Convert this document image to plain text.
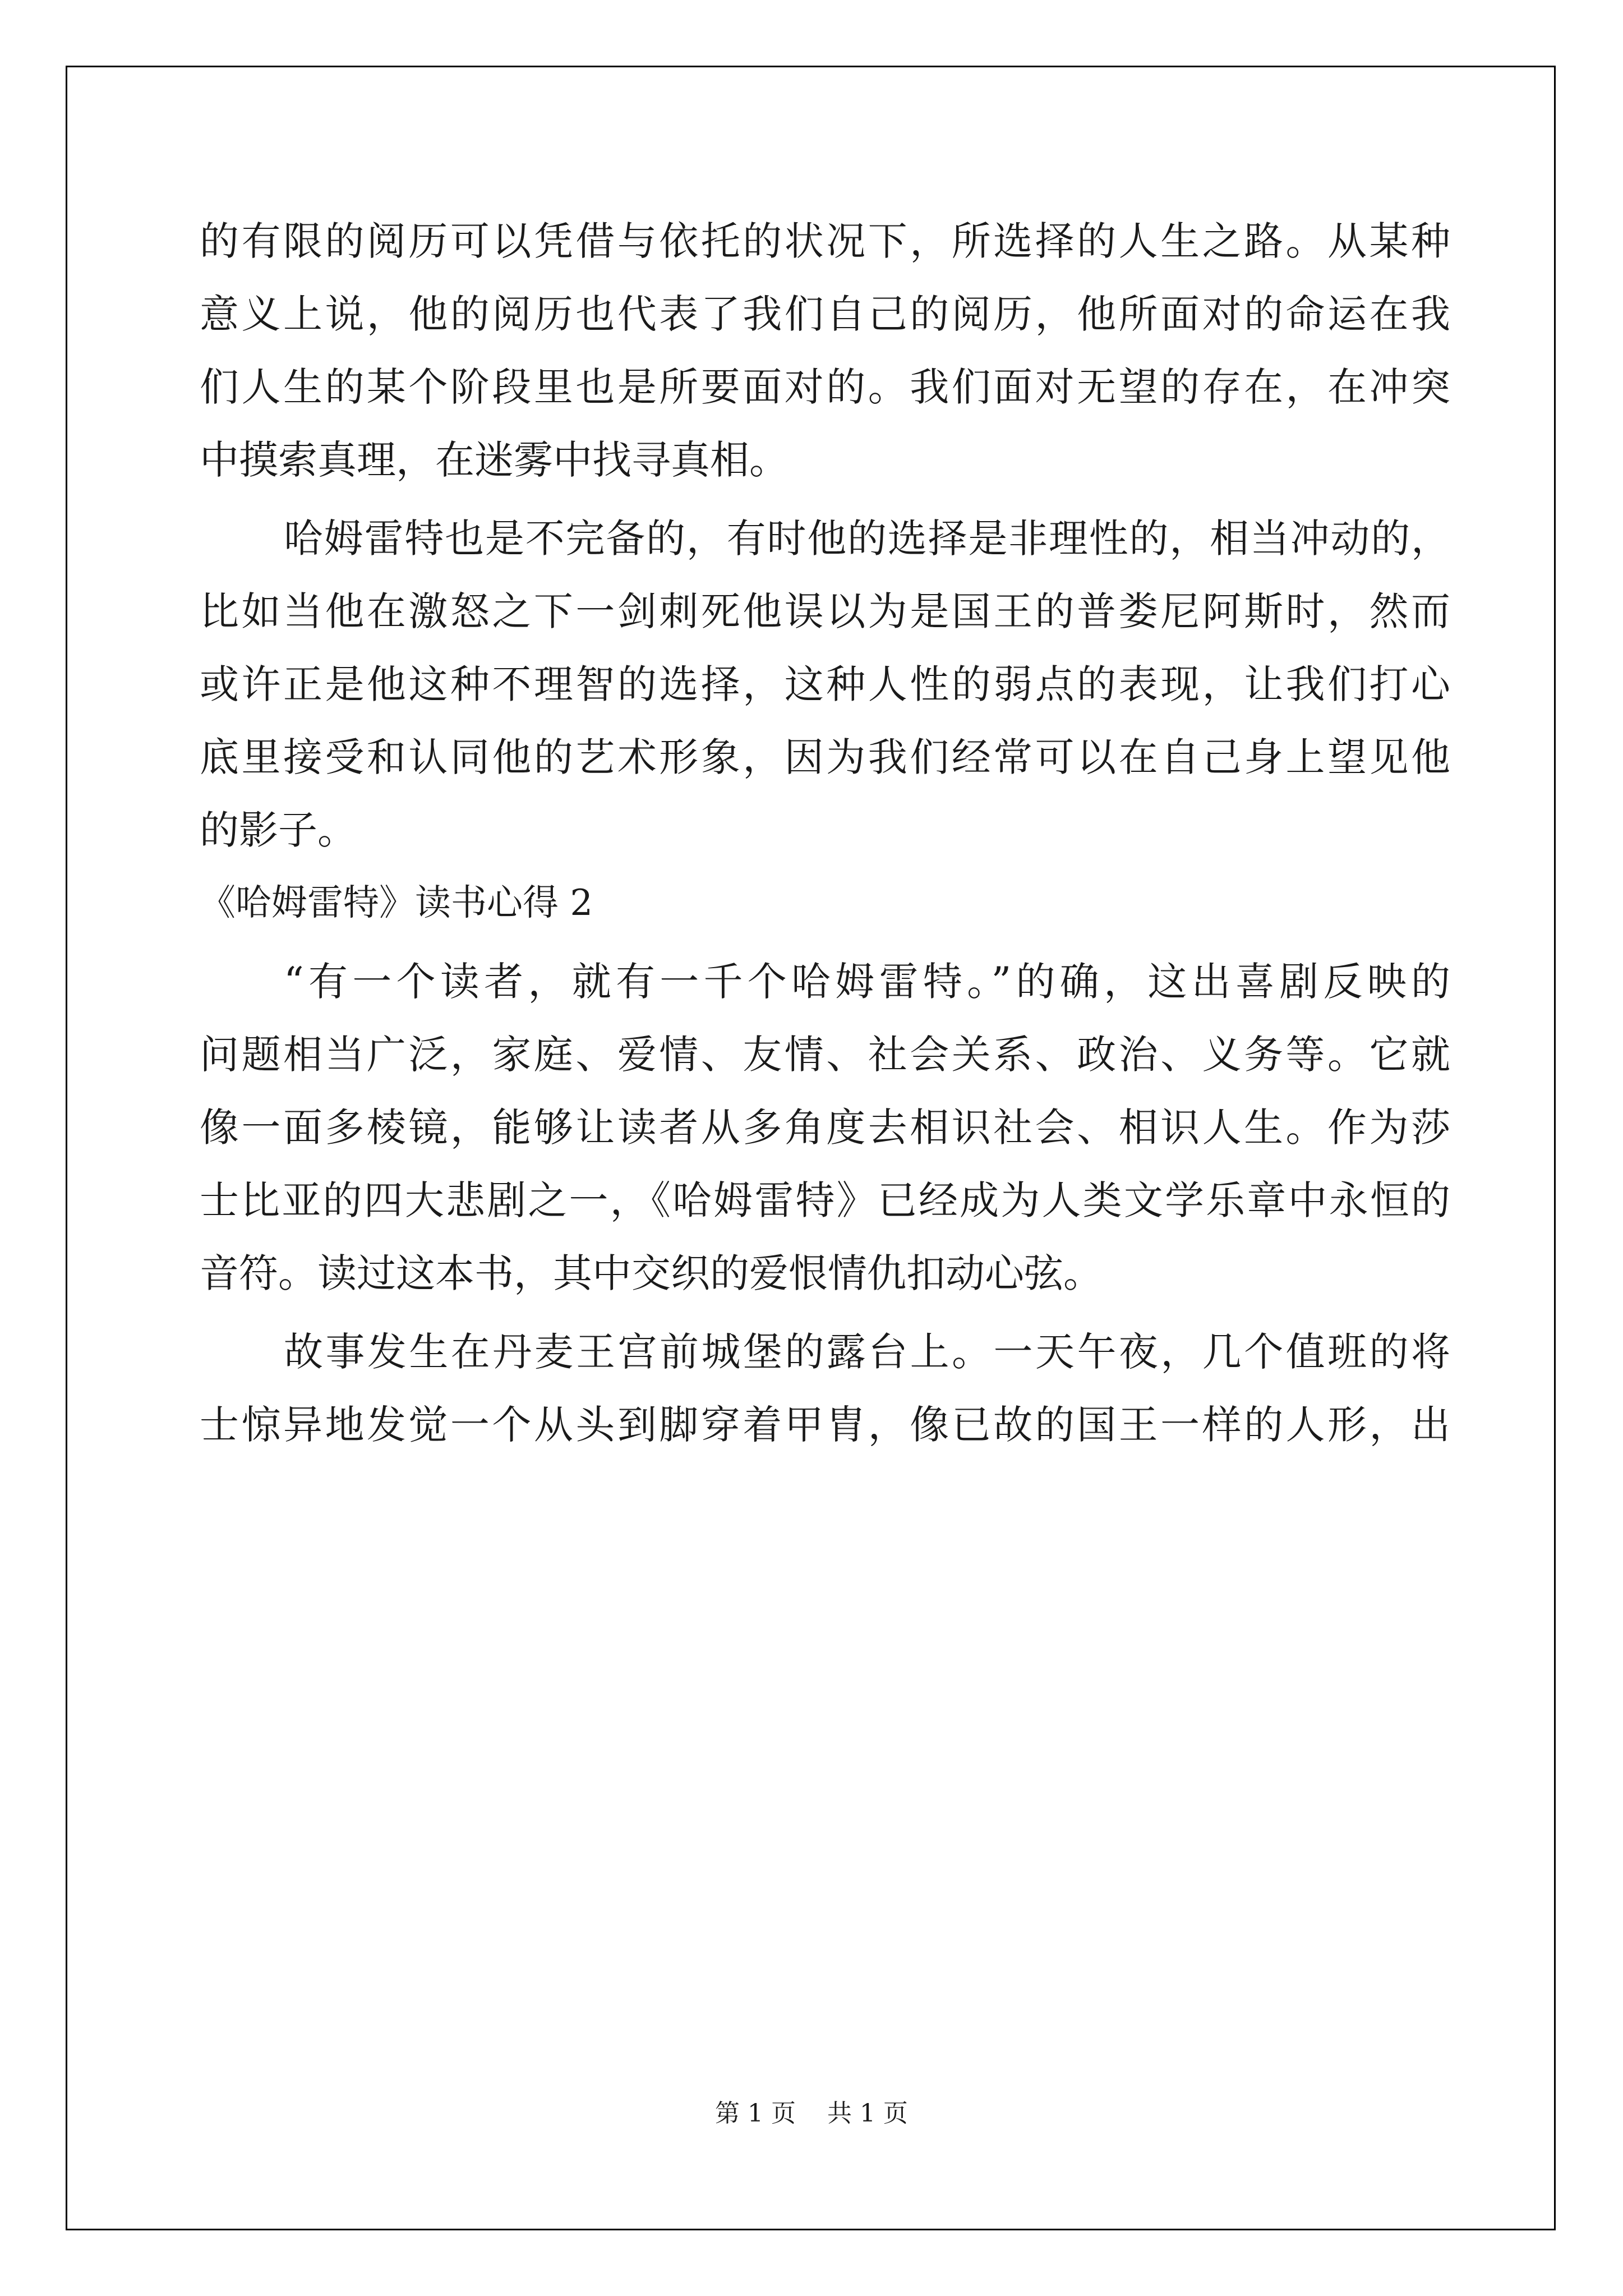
的有限的阅历可以凭借与依托的状况下，所选择的人生之路。从某种
意义上说，他的阅历也代表了我们自己的阅历，他所面对的命运在我
们人生的某个阶段里也是所要面对的。我们面对无望的存在，在冲突
中摸索真理，在迷雾中找寻真相。
哈姆雷特也是不完备的，有时他的选择是非理性的，相当冲动的，
比如当他在激怒之下一剑刺死他误以为是国王的普娄尼阿斯时，然而
或许正是他这种不理智的选择，这种人性的弱点的表现，让我们打心
底里接受和认同他的艺术形象，因为我们经常可以在自己身上望见他
的影子。
《哈姆雷特》读书心得 2
“有一个读者，就有一千个哈姆雷特。”的确，这出喜剧反映的
问题相当广泛，家庭、爱情、友情、社会关系、政治、义务等。它就
像一面多棱镜，能够让读者从多角度去相识社会、相识人生。作为莎
士比亚的四大悲剧之一，《哈姆雷特》已经成为人类文学乐章中永恒的
音符。读过这本书，其中交织的爱恨情仇扣动心弦。
故事发生在丹麦王宫前城堡的露台上。一天午夜，几个值班的将
士惊异地发觉一个从头到脚穿着甲胄，像已故的国王一样的人形，出
第 1 页    共 1 页
